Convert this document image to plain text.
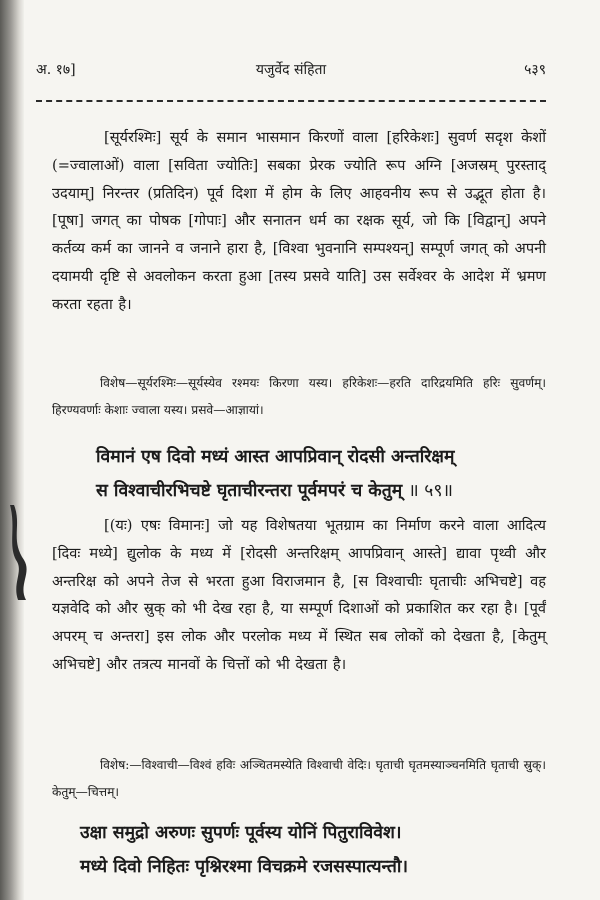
अ. १७]	यजुर्वेद संहिता	५३९
[सूर्यरश्मिः] सूर्य के समान भासमान किरणों वाला [हरिकेशः] सुवर्ण सदृश केशों (=ज्वालाओं) वाला [सविता ज्योतिः] सबका प्रेरक ज्योति रूप अग्नि [अजस्रम् पुरस्ताद् उदयाम्] निरन्तर (प्रतिदिन) पूर्व दिशा में होम के लिए आहवनीय रूप से उद्भूत होता है। [पूषा] जगत् का पोषक [गोपाः] और सनातन धर्म का रक्षक सूर्य, जो कि [विद्वान्] अपने कर्तव्य कर्म का जानने व जनाने हारा है, [विश्वा भुवनानि सम्पश्यन्] सम्पूर्ण जगत् को अपनी दयामयी दृष्टि से अवलोकन करता हुआ [तस्य प्रसवे याति] उस सर्वेश्वर के आदेश में भ्रमण करता रहता है।
विशेष—सूर्यरश्मिः—सूर्यस्येव रश्मयः किरणा यस्य। हरिकेशः—हरति दारिद्रयमिति हरिः सुवर्णम्। हिरण्यवर्णाः केशाः ज्वाला यस्य। प्रसवे—आज्ञायां।
विमानं एष दिवो मध्यं आस्त आपप्रिवान् रोदसी अन्तरिक्षम्
स विश्वाचीरभिचष्टे घृताचीरन्तरा पूर्वमपरं च केतुम् ॥ ५९॥
[(यः) एषः विमानः] जो यह विशेषतया भूतग्राम का निर्माण करने वाला आदित्य [दिवः मध्ये] द्युलोक के मध्य में [रोदसी अन्तरिक्षम् आपप्रिवान् आस्ते] द्यावा पृथ्वी और अन्तरिक्ष को अपने तेज से भरता हुआ विराजमान है, [स विश्वाचीः घृताचीः अभिचष्टे] वह यज्ञवेदि को और स्रुक् को भी देख रहा है, या सम्पूर्ण दिशाओं को प्रकाशित कर रहा है। [पूर्वं अपरम् च अन्तरा] इस लोक और परलोक मध्य में स्थित सब लोकों को देखता है, [केतुम् अभिचष्टे] और तत्रत्य मानवों के चित्तों को भी देखता है।
विशेष:—विश्वाची—विश्वं हविः अञ्चितमस्येति विश्वाची वेदिः। घृताची घृतमस्याञ्चनमिति घृताची स्रुक्। केतुम्—चित्तम्।
उक्षा समुद्रो अरुणः सुपर्णः पूर्वस्य योनिं पितुराविवेश।
मध्ये दिवो निहितः पृश्निरश्मा विचक्रमे रजसस्पात्यन्तौ।
